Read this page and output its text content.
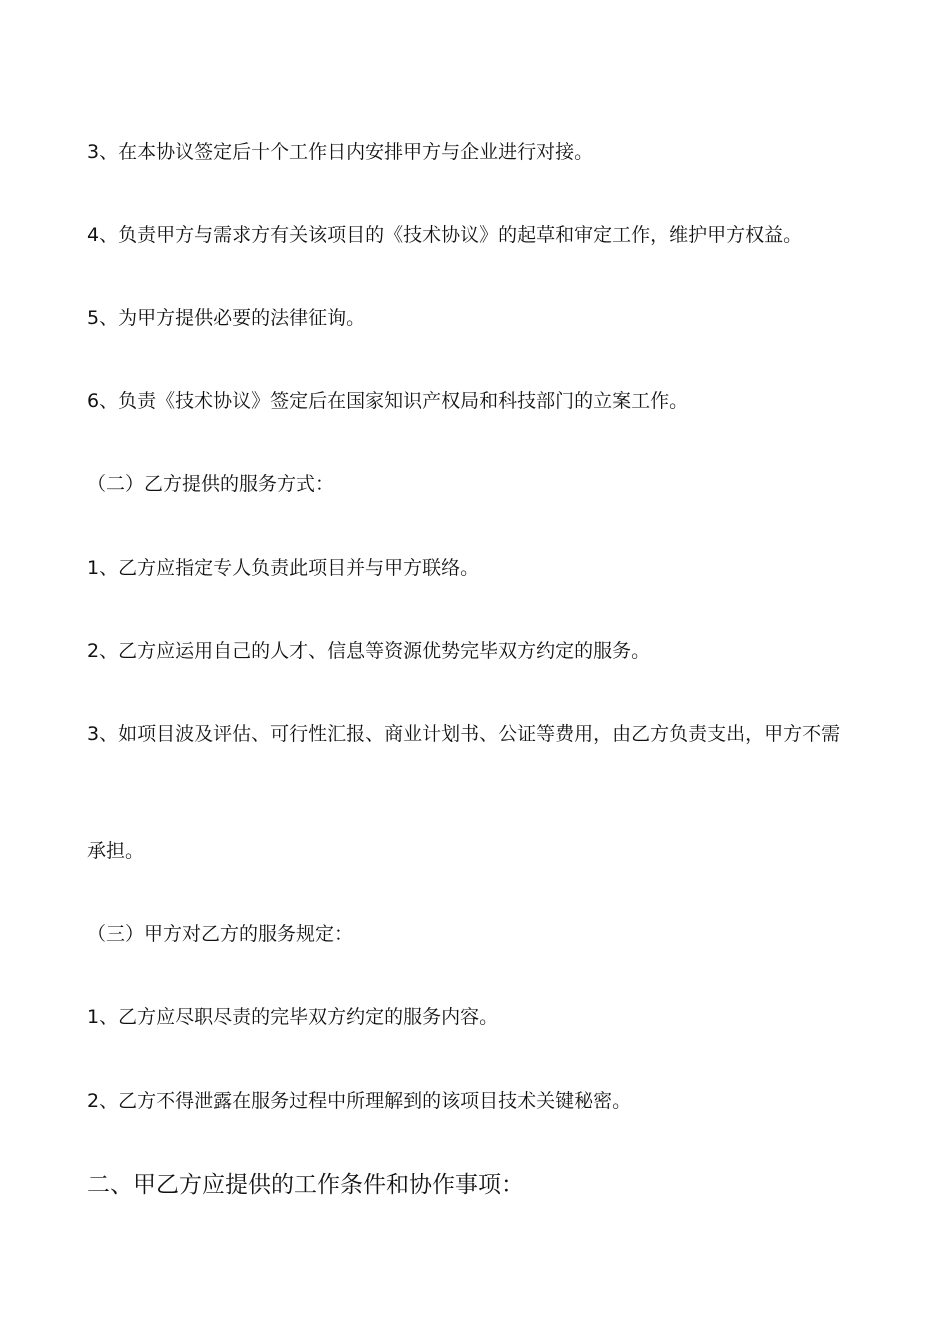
3、在本协议签定后十个工作日内安排甲方与企业进行对接。
4、负责甲方与需求方有关该项目的《技术协议》的起草和审定工作，维护甲方权益。
5、为甲方提供必要的法律征询。
6、负责《技术协议》签定后在国家知识产权局和科技部门的立案工作。
（二）乙方提供的服务方式：
1、乙方应指定专人负责此项目并与甲方联络。
2、乙方应运用自己的人才、信息等资源优势完毕双方约定的服务。
3、如项目波及评估、可行性汇报、商业计划书、公证等费用，由乙方负责支出，甲方不需
承担。
（三）甲方对乙方的服务规定：
1、乙方应尽职尽责的完毕双方约定的服务内容。
2、乙方不得泄露在服务过程中所理解到的该项目技术关键秘密。
二、甲乙方应提供的工作条件和协作事项：
